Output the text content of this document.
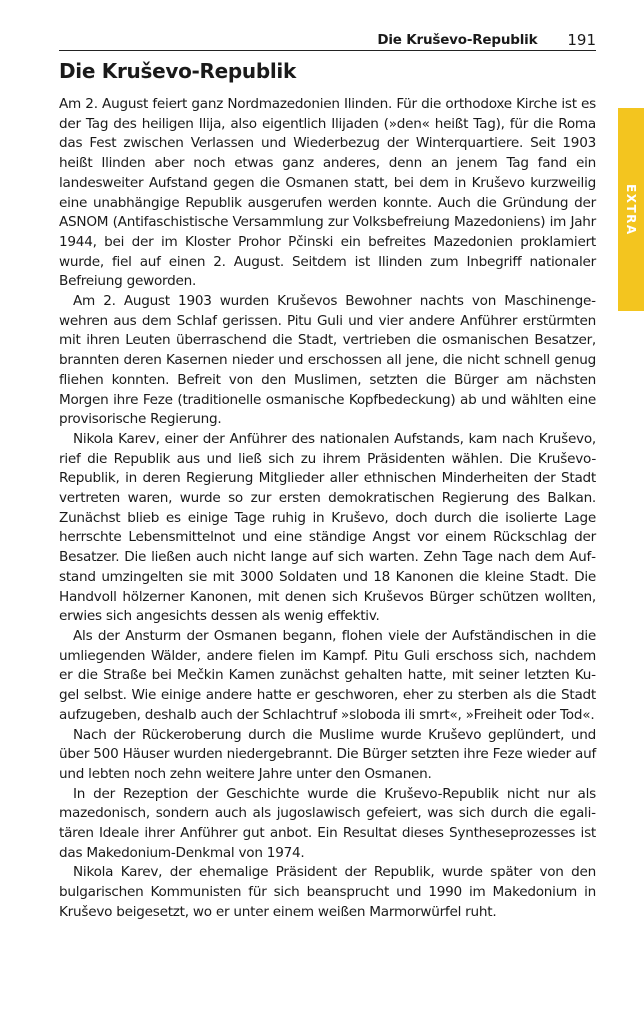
Die Kruševo-Republik 191
EXTRA
Die Kruševo-Republik

Am 2. August feiert ganz Nordmazedonien Ilinden. Für die orthodoxe Kirche ist es der Tag des heiligen Ilija, also eigentlich Ilijaden (»den« heißt Tag), für die Roma das Fest zwischen Verlassen und Wiederbezug der Winterquartiere. Seit 1903 heißt Ilinden aber noch etwas ganz anderes, denn an jenem Tag fand ein landesweiter Aufstand gegen die Osmanen statt, bei dem in Kruševo kurzweilig eine unabhängige Republik ausgerufen werden konnte. Auch die Gründung der ASNOM (Antifaschistische Versammlung zur Volksbefreiung Mazedoniens) im Jahr 1944, bei der im Kloster Prohor Pčinski ein befreites Mazedonien proklamiert wurde, fiel auf einen 2. August. Seitdem ist Ilinden zum Inbegriff nationaler Befreiung geworden.

Am 2. August 1903 wurden Kruševos Bewohner nachts von Maschinengewehren aus dem Schlaf gerissen. Pitu Guli und vier andere Anführer erstürmten mit ihren Leuten überraschend die Stadt, vertrieben die osmanischen Besatzer, brannten deren Kasernen nieder und erschossen all jene, die nicht schnell genug fliehen konnten. Befreit von den Muslimen, setzten die Bürger am nächsten Morgen ihre Feze (traditionelle osmanische Kopfbedeckung) ab und wählten eine provisorische Regierung.

Nikola Karev, einer der Anführer des nationalen Aufstands, kam nach Kruševo, rief die Republik aus und ließ sich zu ihrem Präsidenten wählen. Die Kruševo-Republik, in deren Regierung Mitglieder aller ethnischen Minderheiten der Stadt vertreten waren, wurde so zur ersten demokratischen Regierung des Balkan. Zunächst blieb es einige Tage ruhig in Kruševo, doch durch die isolierte Lage herrschte Lebensmittelnot und eine ständige Angst vor einem Rückschlag der Besatzer. Die ließen auch nicht lange auf sich warten. Zehn Tage nach dem Aufstand umzingelten sie mit 3000 Soldaten und 18 Kanonen die kleine Stadt. Die Handvoll hölzerner Kanonen, mit denen sich Kruševos Bürger schützen wollten, erwies sich angesichts dessen als wenig effektiv.

Als der Ansturm der Osmanen begann, flohen viele der Aufständischen in die umliegenden Wälder, andere fielen im Kampf. Pitu Guli erschoss sich, nachdem er die Straße bei Mečkin Kamen zunächst gehalten hatte, mit seiner letzten Kugel selbst. Wie einige andere hatte er geschworen, eher zu sterben als die Stadt aufzugeben, deshalb auch der Schlachtruf »sloboda ili smrt«, »Freiheit oder Tod«.

Nach der Rückeroberung durch die Muslime wurde Kruševo geplündert, und über 500 Häuser wurden niedergebrannt. Die Bürger setzten ihre Feze wieder auf und lebten noch zehn weitere Jahre unter den Osmanen.

In der Rezeption der Geschichte wurde die Kruševo-Republik nicht nur als mazedonisch, sondern auch als jugoslawisch gefeiert, was sich durch die egalitären Ideale ihrer Anführer gut anbot. Ein Resultat dieses Syntheseprozesses ist das Makedonium-Denkmal von 1974.

Nikola Karev, der ehemalige Präsident der Republik, wurde später von den bulgarischen Kommunisten für sich beansprucht und 1990 im Makedonium in Kruševo beigesetzt, wo er unter einem weißen Marmorwürfel ruht.
